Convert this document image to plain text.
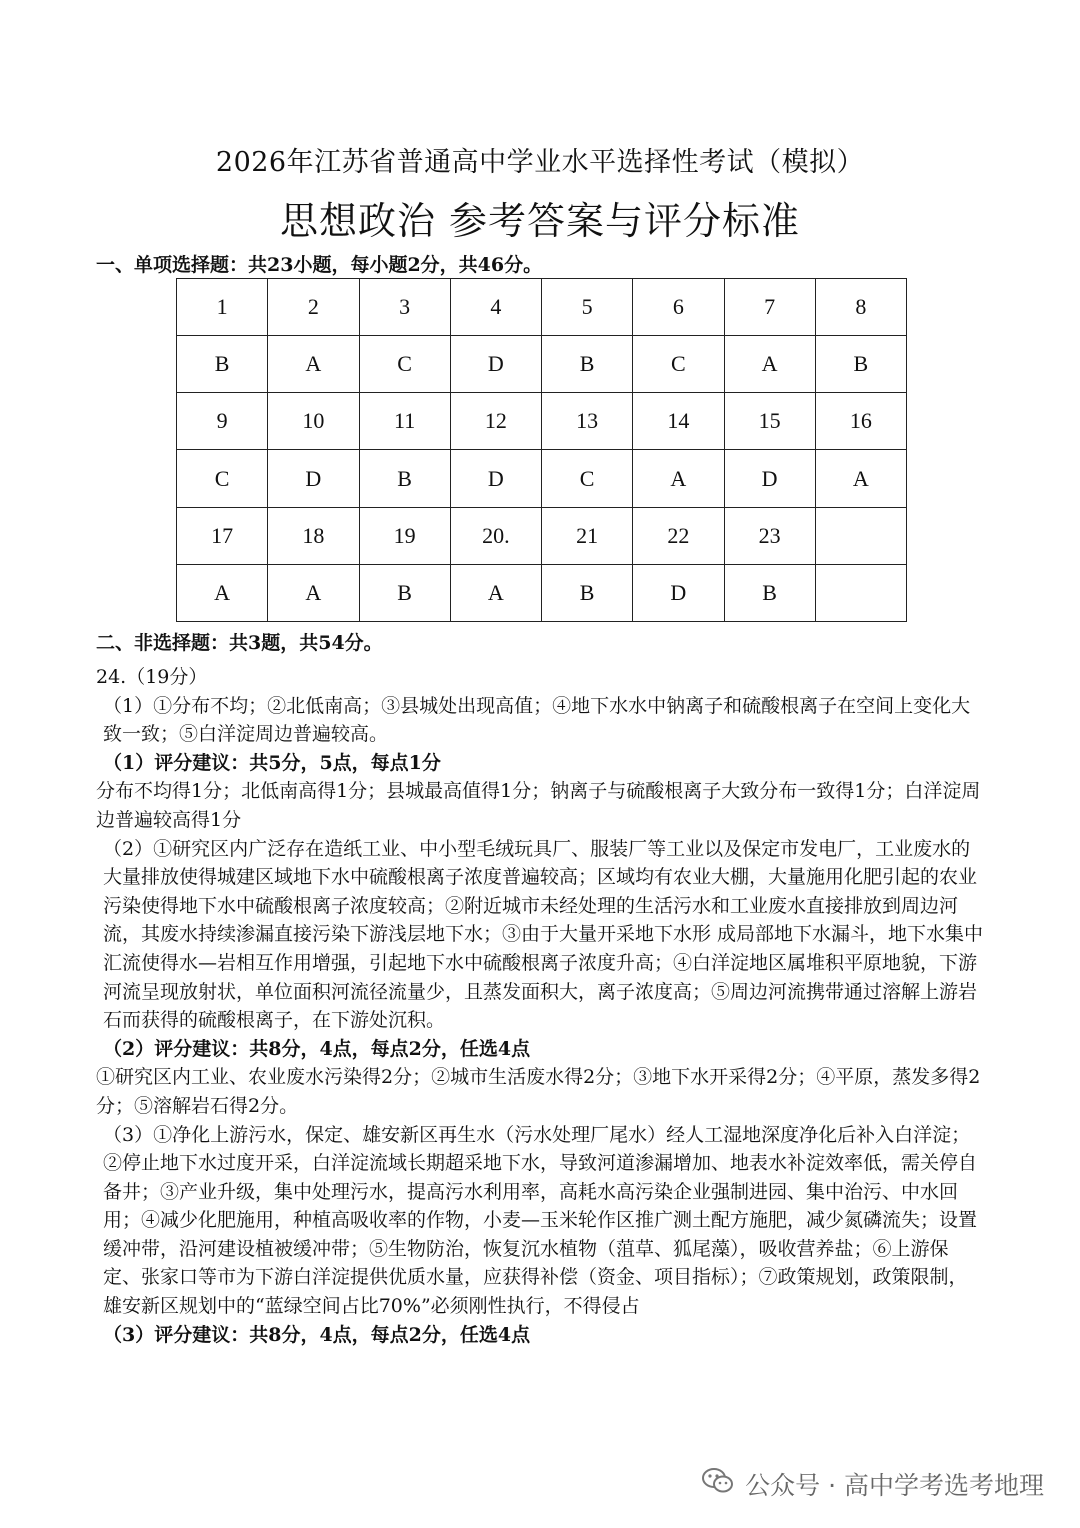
2026年江苏省普通高中学业水平选择性考试（模拟）
思想政治 参考答案与评分标准
一、单项选择题：共23小题，每小题2分，共46分。
1	2	3	4	5	6	7	8
B	A	C	D	B	C	A	B
9	10	11	12	13	14	15	16
C	D	B	D	C	A	D	A
17	18	19	20.	21	22	23	
A	A	B	A	B	D	B	
二、非选择题：共3题，共54分。

24.（19分）

（1）①分布不均；②北低南高；③县城处出现高值；④地下水水中钠离子和硫酸根离子在空间上变化大致一致；⑤白洋淀周边普遍较高。

（1）评分建议：共5分，5点，每点1分

分布不均得1分；北低南高得1分；县城最高值得1分；钠离子与硫酸根离子大致分布一致得1分；白洋淀周边普遍较高得1分

（2）①研究区内广泛存在造纸工业、中小型毛绒玩具厂、服装厂等工业以及保定市发电厂，工业废水的大量排放使得城建区域地下水中硫酸根离子浓度普遍较高；区域均有农业大棚，大量施用化肥引起的农业污染使得地下水中硫酸根离子浓度较高；②附近城市未经处理的生活污水和工业废水直接排放到周边河流，其废水持续渗漏直接污染下游浅层地下水；③由于大量开采地下水形 成局部地下水漏斗，地下水集中汇流使得水—岩相互作用增强，引起地下水中硫酸根离子浓度升高；④白洋淀地区属堆积平原地貌，下游河流呈现放射状，单位面积河流径流量少，且蒸发面积大，离子浓度高；⑤周边河流携带通过溶解上游岩石而获得的硫酸根离子，在下游处沉积。

（2）评分建议：共8分，4点，每点2分，任选4点

①研究区内工业、农业废水污染得2分；②城市生活废水得2分；③地下水开采得2分；④平原，蒸发多得2分；⑤溶解岩石得2分。

（3）①净化上游污水，保定、雄安新区再生水（污水处理厂尾水）经人工湿地深度净化后补入白洋淀；②停止地下水过度开采，白洋淀流域长期超采地下水，导致河道渗漏增加、地表水补淀效率低，需关停自备井；③产业升级，集中处理污水，提高污水利用率，高耗水高污染企业强制进园、集中治污、中水回用；④减少化肥施用，种植高吸收率的作物，小麦—玉米轮作区推广测土配方施肥，减少氮磷流失；设置缓冲带，沿河建设植被缓冲带；⑤生物防治，恢复沉水植物（菹草、狐尾藻），吸收营养盐；⑥上游保定、张家口等市为下游白洋淀提供优质水量，应获得补偿（资金、项目指标）；⑦政策规划，政策限制，雄安新区规划中的“蓝绿空间占比70%”必须刚性执行，不得侵占

（3）评分建议：共8分，4点，每点2分，任选4点

公众号 · 高中学考选考地理
